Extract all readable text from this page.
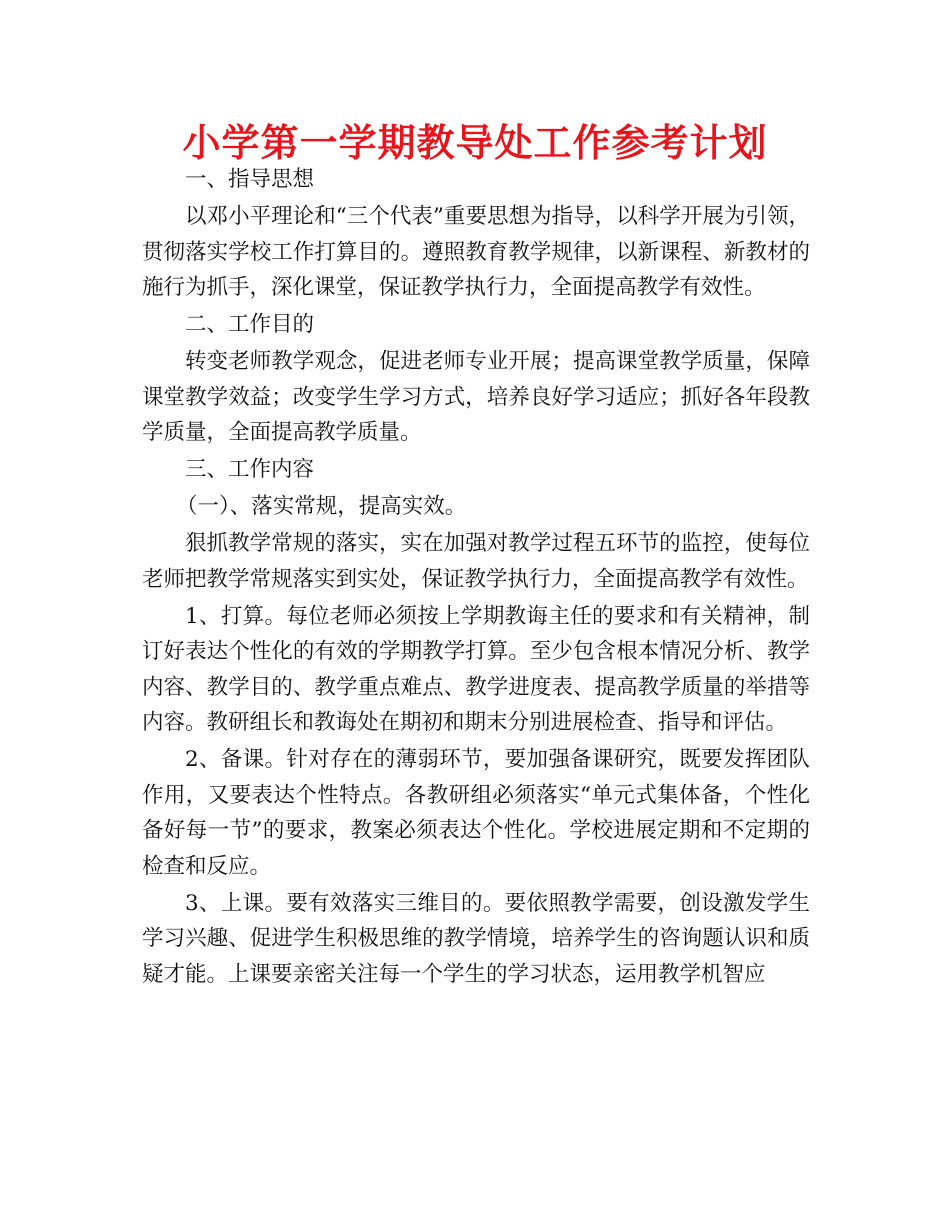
小学第一学期教导处工作参考计划

一、指导思想

以邓小平理论和“三个代表”重要思想为指导，以科学开展为引领，贯彻落实学校工作打算目的。遵照教育教学规律，以新课程、新教材的施行为抓手，深化课堂，保证教学执行力，全面提高教学有效性。

二、工作目的

转变老师教学观念，促进老师专业开展；提高课堂教学质量，保障课堂教学效益；改变学生学习方式，培养良好学习适应；抓好各年段教学质量，全面提高教学质量。

三、工作内容

（一）、落实常规，提高实效。

狠抓教学常规的落实，实在加强对教学过程五环节的监控，使每位老师把教学常规落实到实处，保证教学执行力，全面提高教学有效性。

1、打算。每位老师必须按上学期教诲主任的要求和有关精神，制订好表达个性化的有效的学期教学打算。至少包含根本情况分析、教学内容、教学目的、教学重点难点、教学进度表、提高教学质量的举措等内容。教研组长和教诲处在期初和期末分别进展检查、指导和评估。

2、备课。针对存在的薄弱环节，要加强备课研究，既要发挥团队作用，又要表达个性特点。各教研组必须落实“单元式集体备，个性化备好每一节”的要求，教案必须表达个性化。学校进展定期和不定期的检查和反应。

3、上课。要有效落实三维目的。要依照教学需要，创设激发学生学习兴趣、促进学生积极思维的教学情境，培养学生的咨询题认识和质疑才能。上课要亲密关注每一个学生的学习状态，运用教学机智应
